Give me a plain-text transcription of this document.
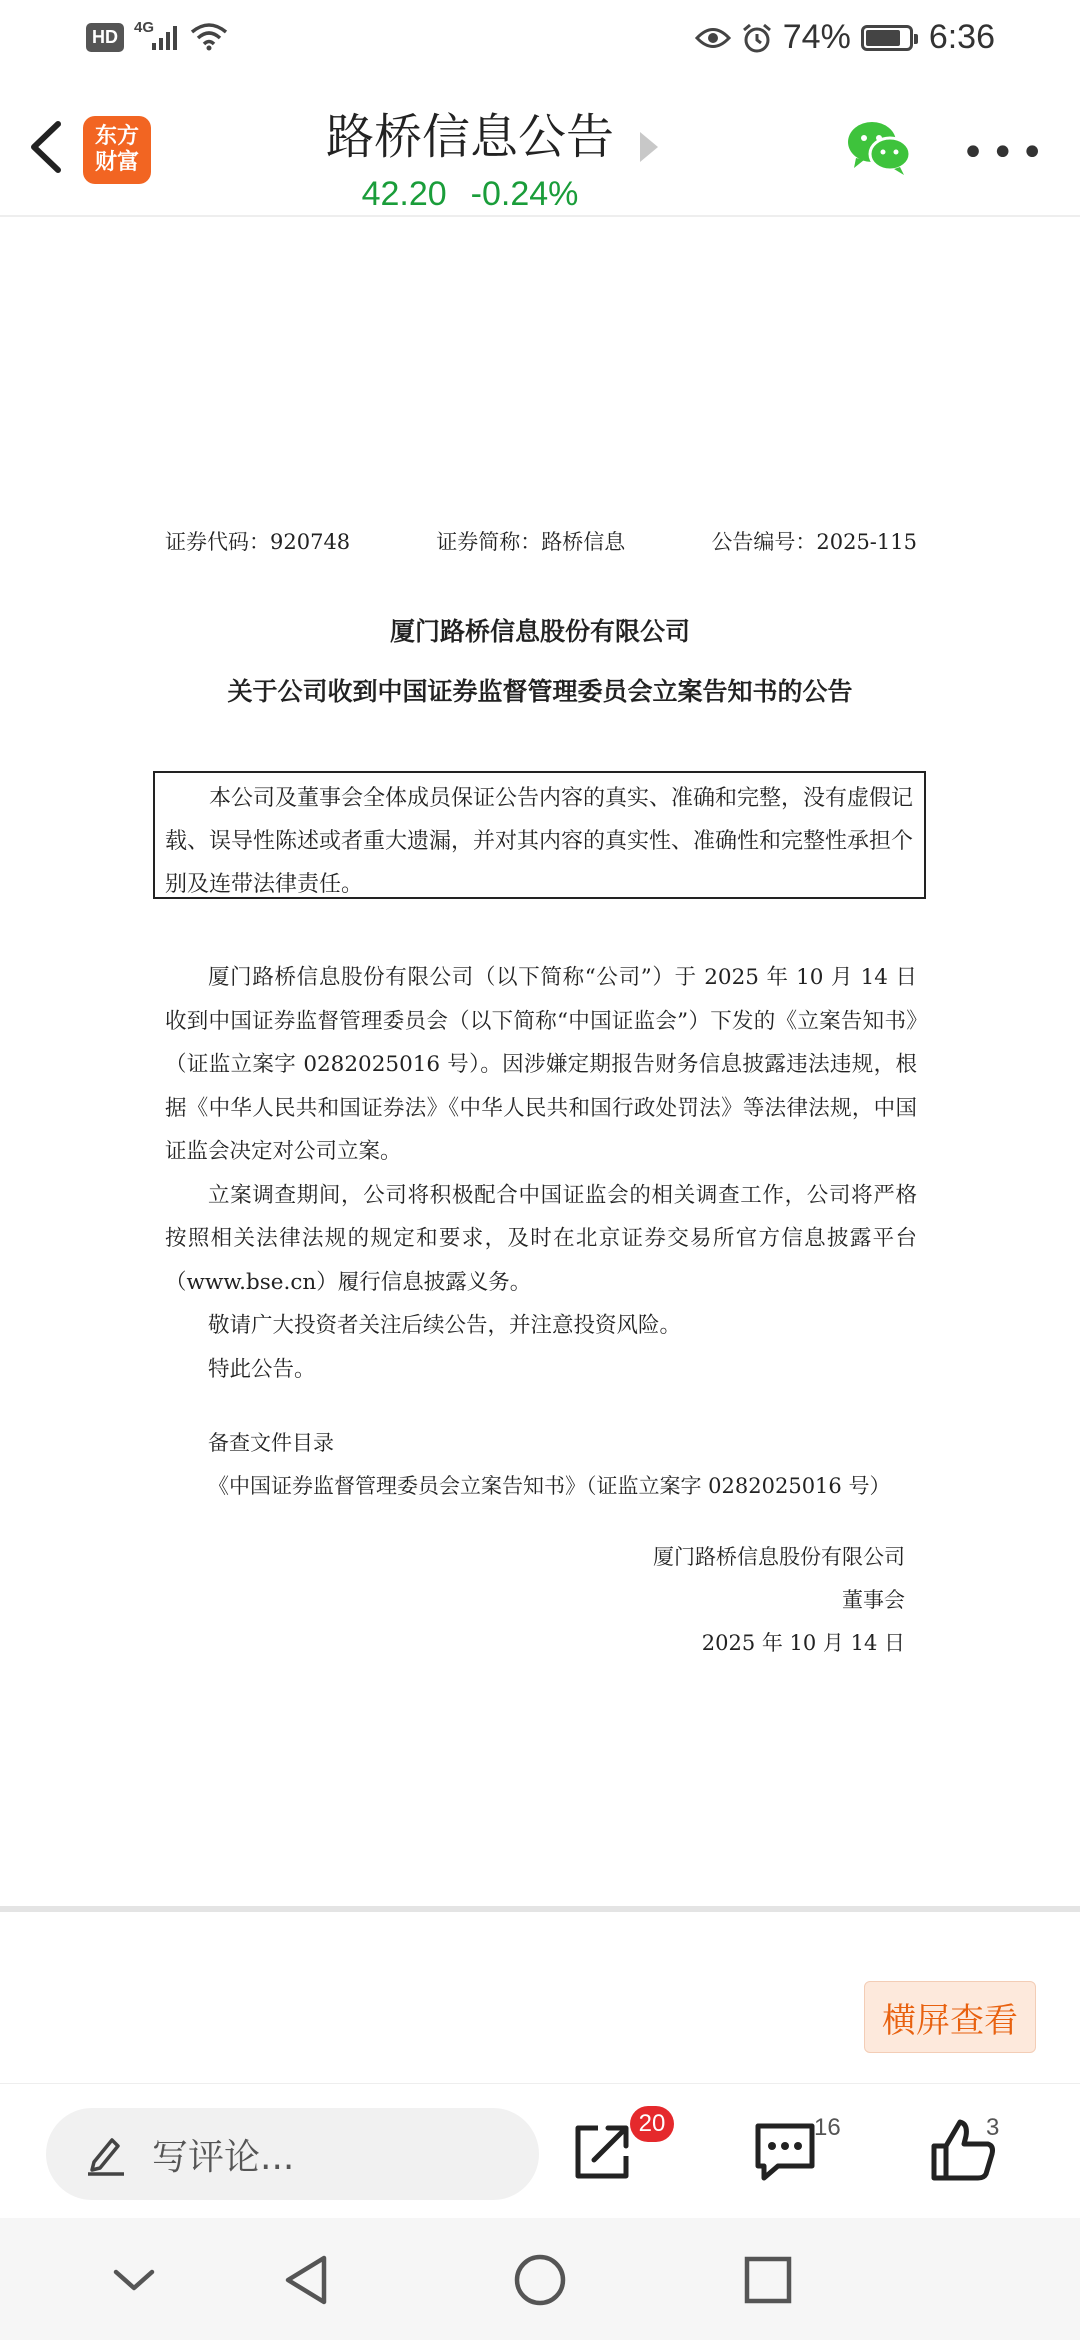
HD	4G	74% 6:36
东方
财富	路桥信息公告
42.20 -0.24%
•••
证券代码：920748	证券简称：路桥信息	公告编号：2025-115
厦门路桥信息股份有限公司
关于公司收到中国证券监督管理委员会立案告知书的公告
本公司及董事会全体成员保证公告内容的真实、准确和完整，没有虚假记载、误导性陈述或者重大遗漏，并对其内容的真实性、准确性和完整性承担个别及连带法律责任。

厦门路桥信息股份有限公司（以下简称“公司”）于 2025 年 10 月 14 日收到中国证券监督管理委员会（以下简称“中国证监会”）下发的《立案告知书》（证监立案字 0282025016 号）。因涉嫌定期报告财务信息披露违法违规，根据《中华人民共和国证券法》《中华人民共和国行政处罚法》等法律法规，中国证监会决定对公司立案。

立案调查期间，公司将积极配合中国证监会的相关调查工作，公司将严格按照相关法律法规的规定和要求，及时在北京证券交易所官方信息披露平台（www.bse.cn）履行信息披露义务。

敬请广大投资者关注后续公告，并注意投资风险。

特此公告。

备查文件目录
《中国证券监督管理委员会立案告知书》（证监立案字 0282025016 号）
厦门路桥信息股份有限公司
董事会
2025 年 10 月 14 日
横屏查看
写评论...
20	16	3
